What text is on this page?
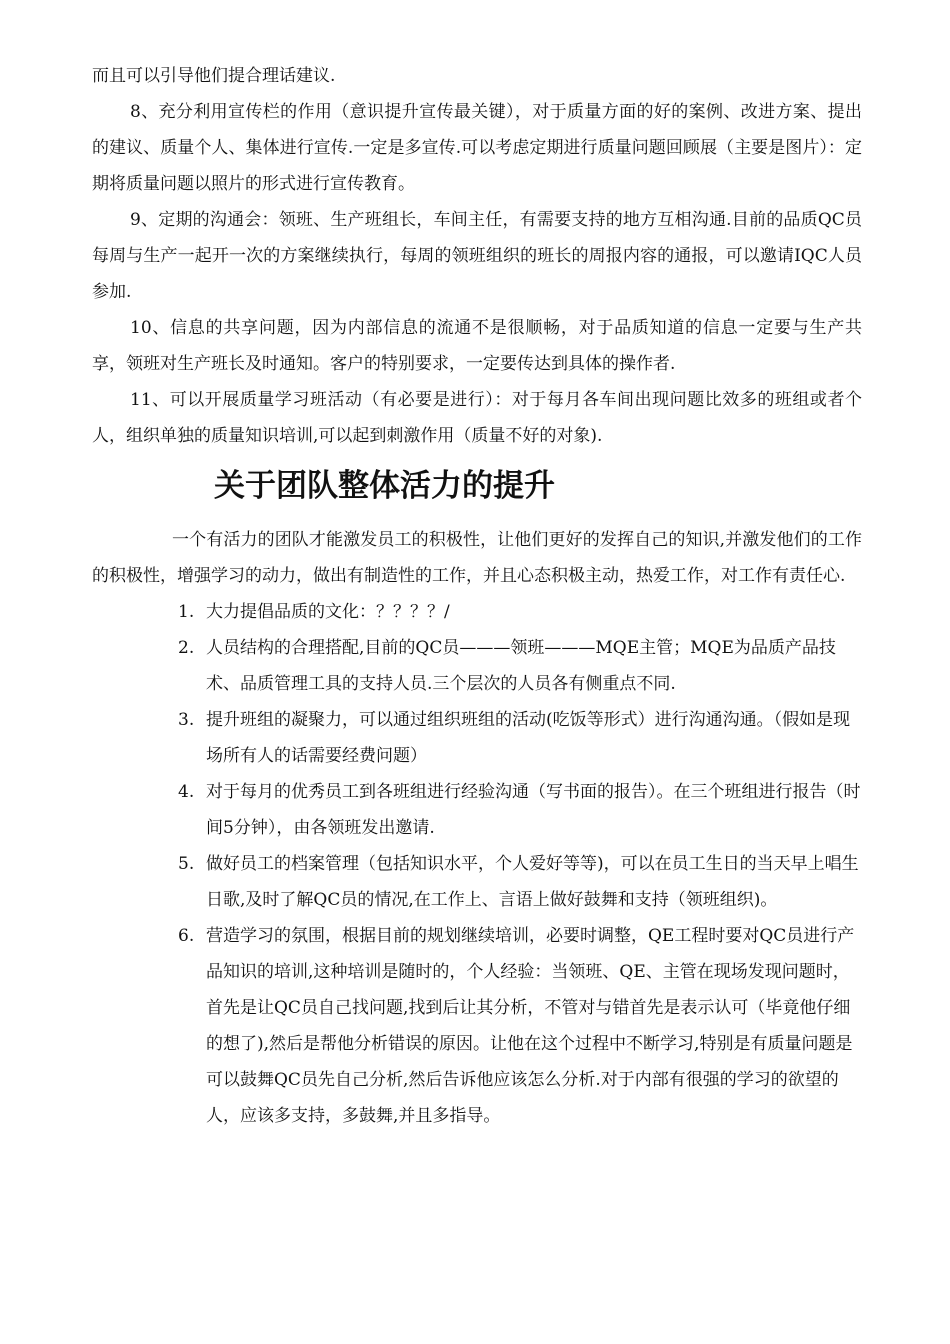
而且可以引导他们提合理话建议.

8、充分利用宣传栏的作用（意识提升宣传最关键），对于质量方面的好的案例、改进方案、提出的建议、质量个人、集体进行宣传.一定是多宣传.可以考虑定期进行质量问题回顾展（主要是图片）：定期将质量问题以照片的形式进行宣传教育。

9、定期的沟通会：领班、生产班组长，车间主任，有需要支持的地方互相沟通.目前的品质QC员每周与生产一起开一次的方案继续执行，每周的领班组织的班长的周报内容的通报，可以邀请IQC人员参加.

10、信息的共享问题，因为内部信息的流通不是很顺畅，对于品质知道的信息一定要与生产共享，领班对生产班长及时通知。客户的特别要求，一定要传达到具体的操作者.

11、可以开展质量学习班活动（有必要是进行）：对于每月各车间出现问题比效多的班组或者个人，组织单独的质量知识培训,可以起到刺激作用（质量不好的对象).

关于团队整体活力的提升

一个有活力的团队才能激发员工的积极性，让他们更好的发挥自己的知识,并激发他们的工作的积极性，增强学习的动力，做出有制造性的工作，并且心态积极主动，热爱工作，对工作有责任心.

1. 大力提倡品质的文化：？？？？/
2. 人员结构的合理搭配,目前的QC员———领班———MQE主管；MQE为品质产品技术、品质管理工具的支持人员.三个层次的人员各有侧重点不同.
3. 提升班组的凝聚力，可以通过组织班组的活动(吃饭等形式）进行沟通沟通。（假如是现场所有人的话需要经费问题）
4. 对于每月的优秀员工到各班组进行经验沟通（写书面的报告）。在三个班组进行报告（时间5分钟），由各领班发出邀请.
5. 做好员工的档案管理（包括知识水平，个人爱好等等)，可以在员工生日的当天早上唱生日歌,及时了解QC员的情况,在工作上、言语上做好鼓舞和支持（领班组织)。
6. 营造学习的氛围，根据目前的规划继续培训，必要时调整，QE工程时要对QC员进行产品知识的培训,这种培训是随时的，个人经验：当领班、QE、主管在现场发现问题时，首先是让QC员自己找问题,找到后让其分析，不管对与错首先是表示认可（毕竟他仔细的想了),然后是帮他分析错误的原因。让他在这个过程中不断学习,特别是有质量问题是可以鼓舞QC员先自己分析,然后告诉他应该怎么分析.对于内部有很强的学习的欲望的人，应该多支持，多鼓舞,并且多指导。
